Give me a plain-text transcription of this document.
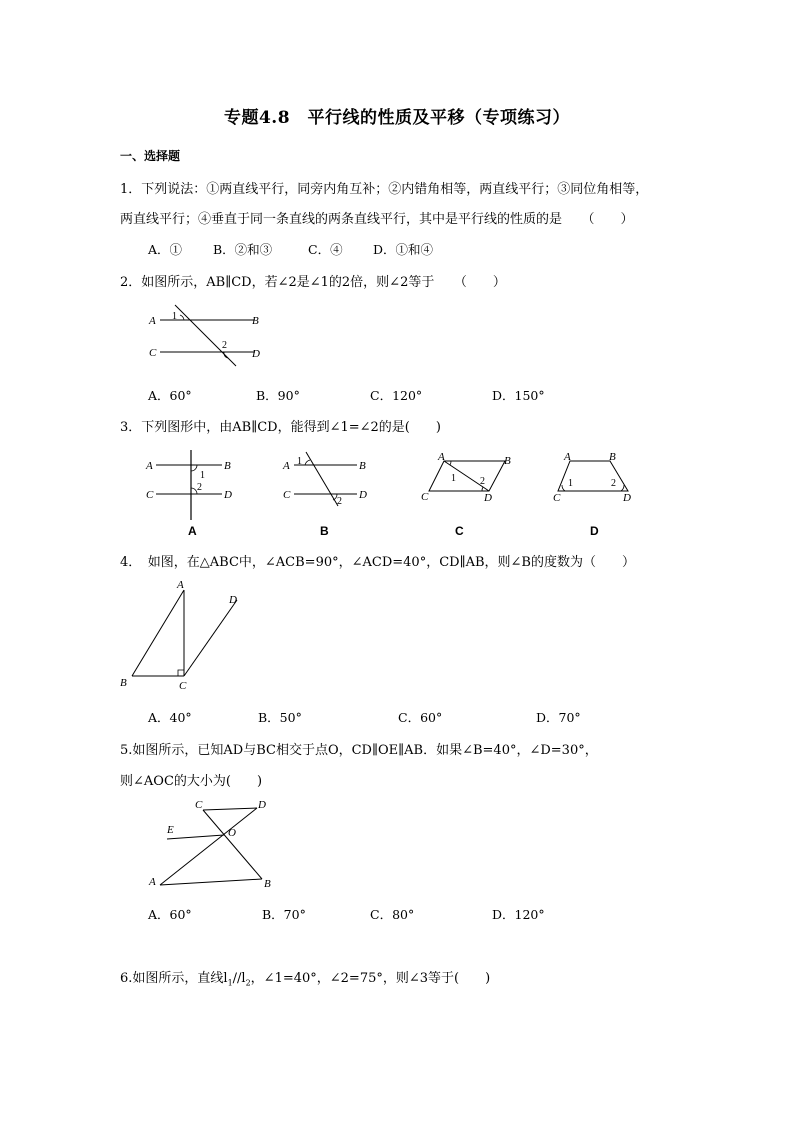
专题4.8　平行线的性质及平移（专项练习）
一、选择题
1．下列说法：①两直线平行，同旁内角互补；②内错角相等，两直线平行；③同位角相等，
两直线平行；④垂直于同一条直线的两条直线平行，其中是平行线的性质的是　　（　　）
A．① B．②和③	C．④ D．①和④
2．如图所示，AB∥CD，若∠2是∠1的2倍，则∠2等于　　（　　）
A	B
C	D
1
2
A．60°	B．90°	C．120°	D．150°
3．下列图形中，由AB∥CD，能得到∠1=∠2的是(　　)
A	B
C	D
1
2
A
A	B
C	D
1
2
B
A	B
C	D
1 2
C
A	B
C	D
1	2
D
4．　如图，在△ABC中，∠ACB=90°，∠ACD=40°，CD∥AB，则∠B的度数为（　　）
A
B	C
D
A．40°	B．50°	C．60°	D．70°
5.如图所示，已知AD与BC相交于点O，CD∥OE∥AB．如果∠B=40°，∠D=30°，
则∠AOC的大小为(　　)
C	D
E	O
A	B
A．60°	B．70°	C．80°	D．120°
6.如图所示，直线$l_1//l_2$，∠1=40°，∠2=75°，则∠3等于(　　)
